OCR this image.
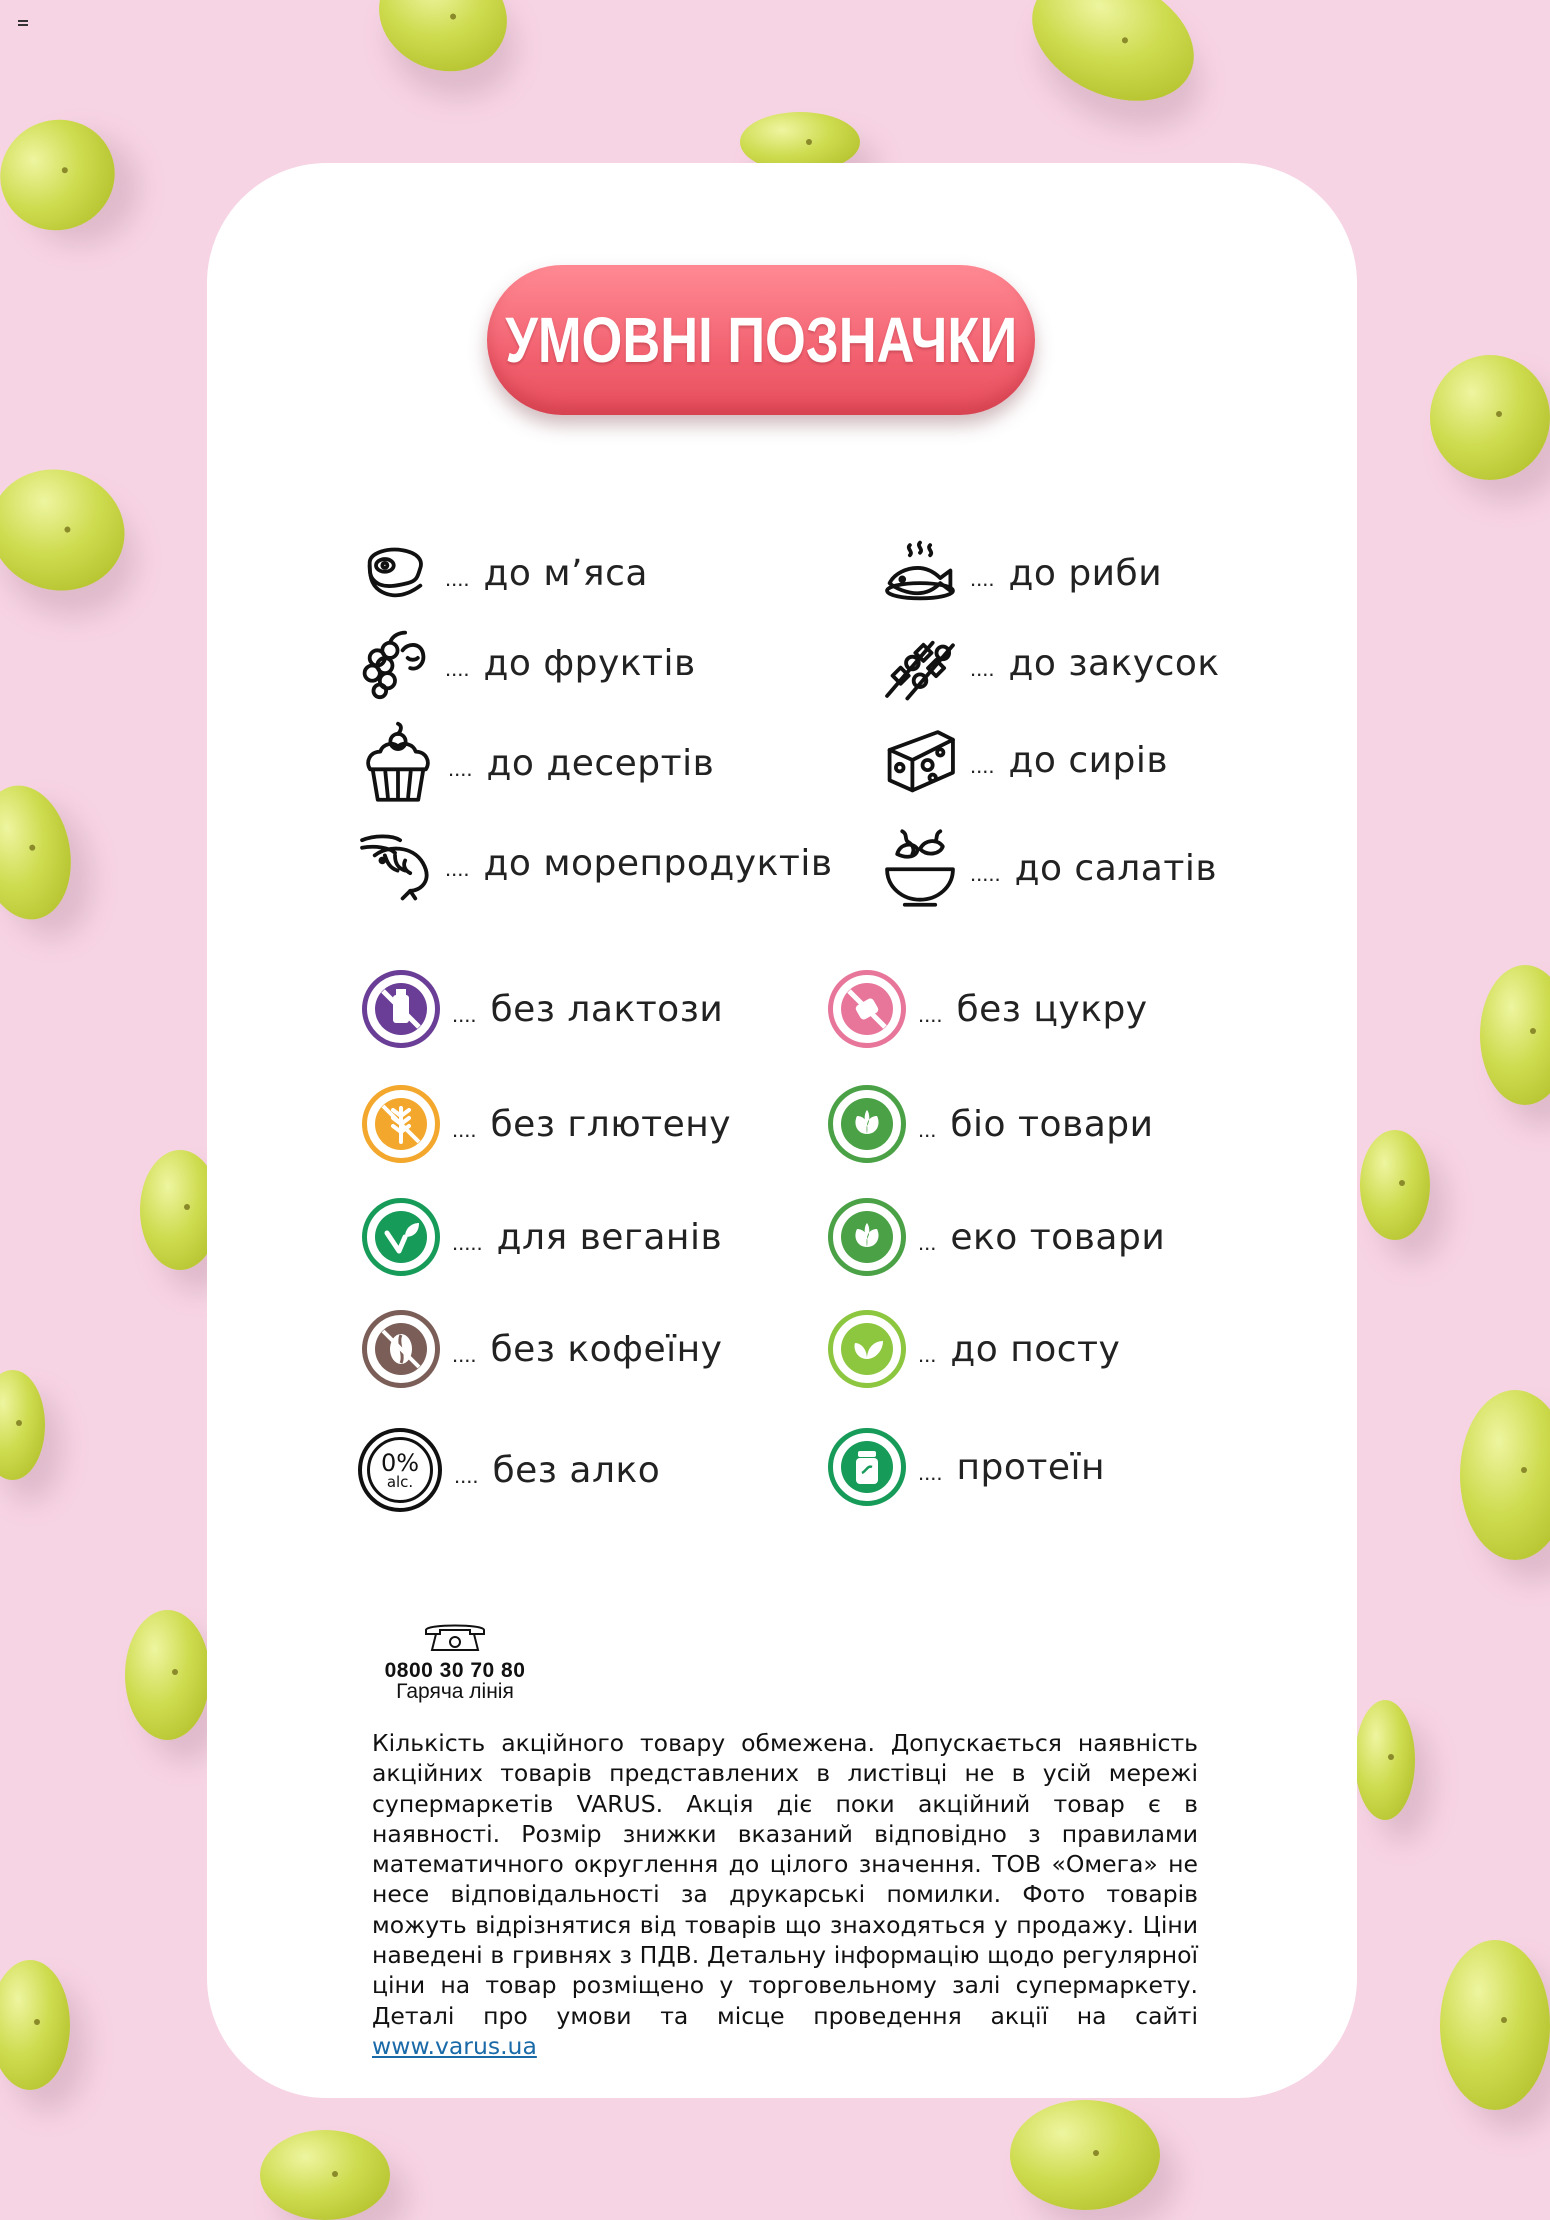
УМОВНІ ПОЗНАЧКИ
.... до м’яса	.... до риби
.... до фруктів	.... до закусок
.... до десертів	.... до сирів
.... до морепродуктів	..... до салатів
.... без лактози	.... без цукру
.... без глютену	... біо товари
..... для веганів	... еко товари
.... без кофеїну	... до посту
0%
alc. .... без алко	.... протеїн
0800 30 70 80
Гаряча лінія
Кількість акційного товару обмежена. Допускається наявність акційних товарів представлених в листівці не в усій мережі супермаркетів VARUS. Акція діє поки акційний товар є в наявності. Розмір знижки вказаний відповідно з правилами математичного округлення до цілого значення. ТОВ «Омега» не несе відповідальності за друкарські помилки. Фото товарів можуть відрізнятися від товарів що знаходяться у продажу. Ціни наведені в гривнях з ПДВ. Детальну інформацію щодо регулярної ціни на товар розміщено у торговельному залі супермаркету. Деталі про умови та місце проведення акції на сайті www.varus.ua
